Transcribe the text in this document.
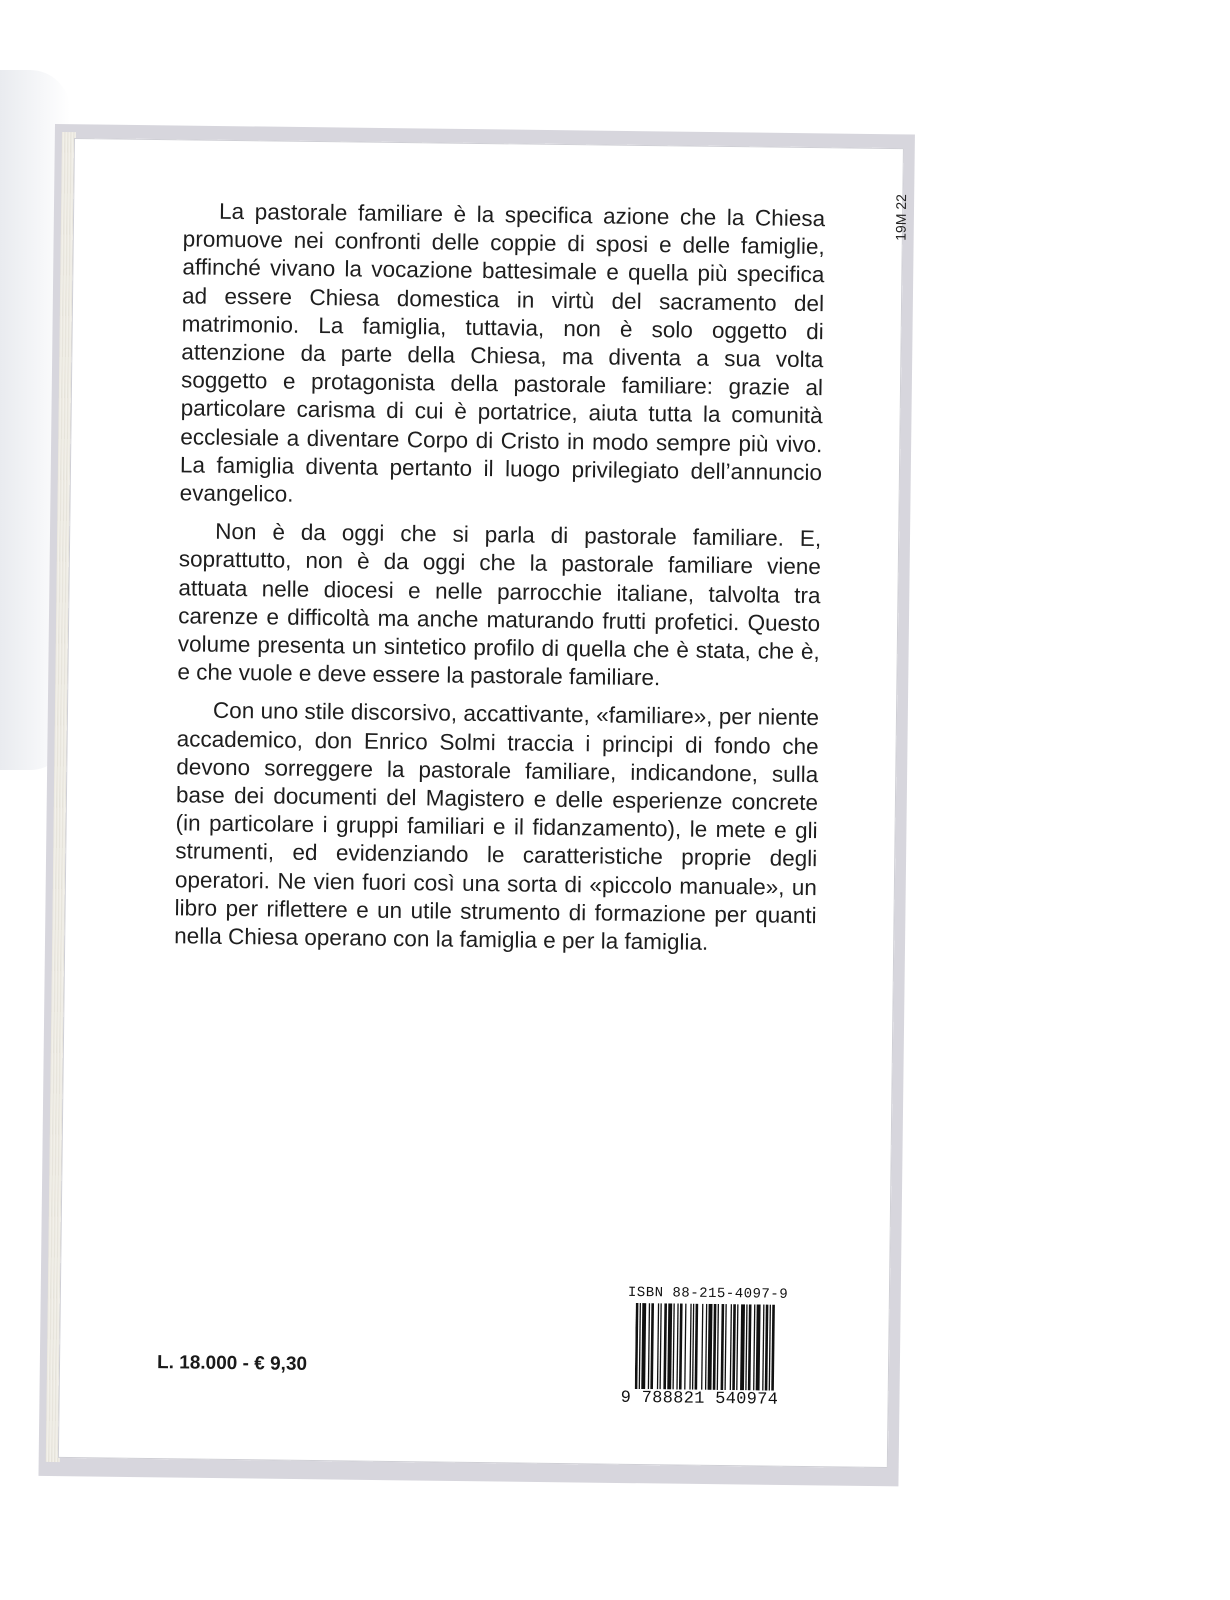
19M 22

La pastorale familiare è la specifica azione che la Chiesa promuove nei confronti delle coppie di sposi e delle famiglie, affinché vivano la vocazione battesimale e quella più specifica ad essere Chiesa domestica in virtù del sacramento del matrimonio. La famiglia, tuttavia, non è solo oggetto di attenzione da parte della Chiesa, ma diventa a sua volta soggetto e protagonista della pastorale familiare: grazie al particolare carisma di cui è portatrice, aiuta tutta la comunità ecclesiale a diventare Corpo di Cristo in modo sempre più vivo. La famiglia diventa pertanto il luogo privilegiato dell’annuncio evangelico.

Non è da oggi che si parla di pastorale familiare. E, soprattutto, non è da oggi che la pastorale familiare viene attuata nelle diocesi e nelle parrocchie italiane, talvolta tra carenze e difficoltà ma anche maturando frutti profetici. Questo volume presenta un sintetico profilo di quella che è stata, che è, e che vuole e deve essere la pastorale familiare.

Con uno stile discorsivo, accattivante, «familiare», per niente accademico, don Enrico Solmi traccia i principi di fondo che devono sorreggere la pastorale familiare, indicandone, sulla base dei documenti del Magistero e delle esperienze concrete (in particolare i gruppi familiari e il fidanzamento), le mete e gli strumenti, ed evidenziando le caratteristiche proprie degli operatori. Ne vien fuori così una sorta di «piccolo manuale», un libro per riflettere e un utile strumento di formazione per quanti nella Chiesa operano con la famiglia e per la famiglia.

L. 18.000 - € 9,30
ISBN 88-215-4097-9
9 788821 540974
